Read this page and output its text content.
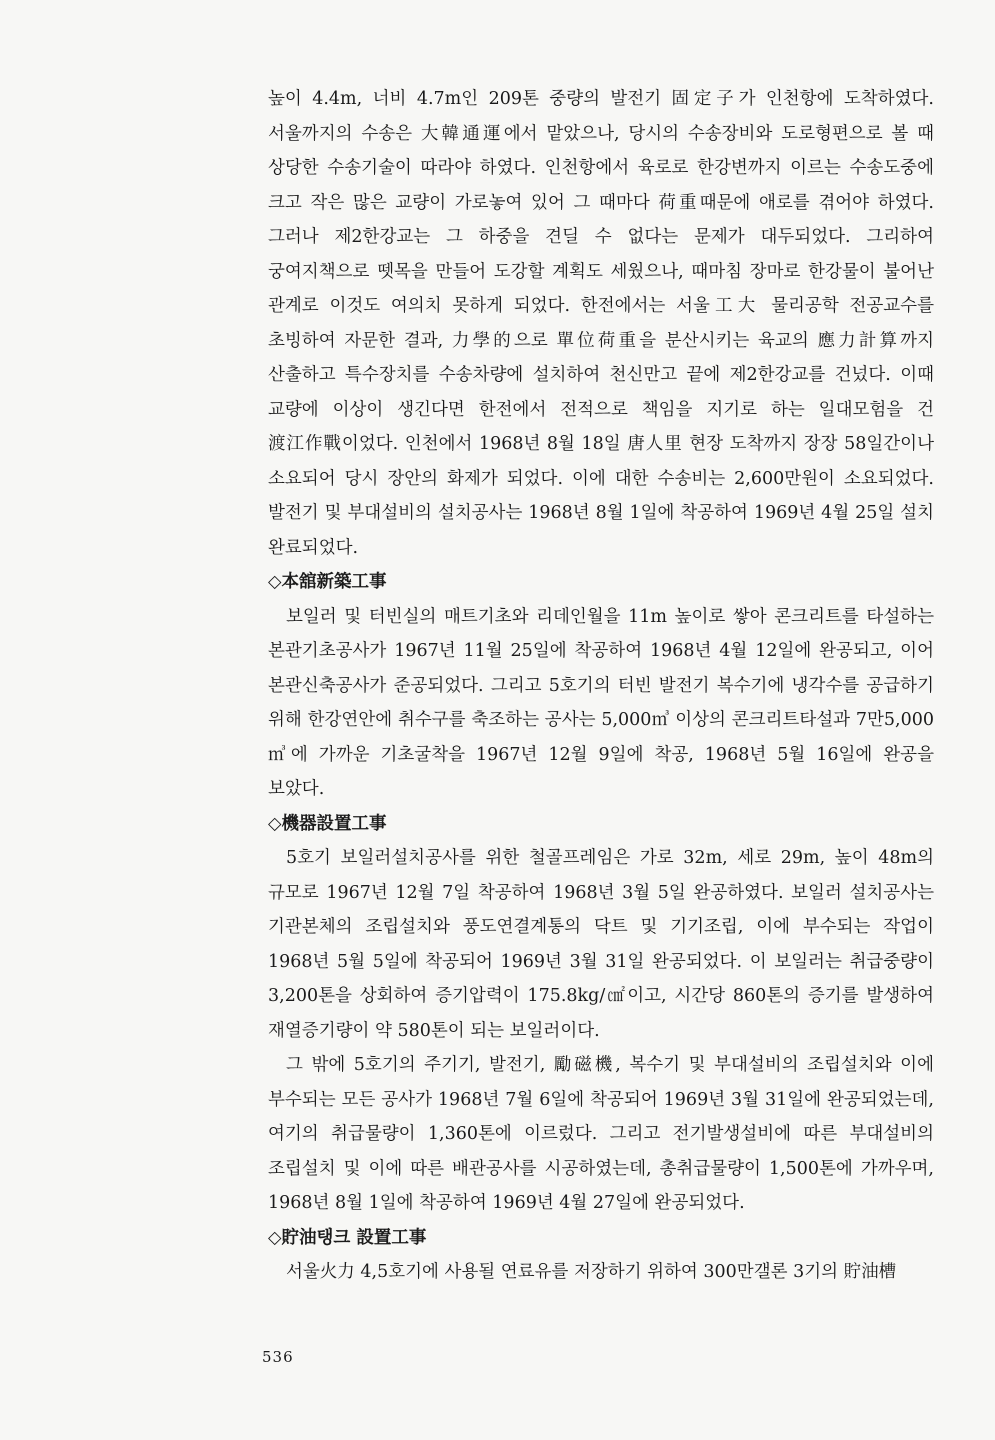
높이 4.4m, 너비 4.7m인 209톤 중량의 발전기 固定子가 인천항에 도착하였다. 서울까지의 수송은 大韓通運에서 맡았으나, 당시의 수송장비와 도로형편으로 볼 때 상당한 수송기술이 따라야 하였다. 인천항에서 육로로 한강변까지 이르는 수송도중에 크고 작은 많은 교량이 가로놓여 있어 그 때마다 荷重때문에 애로를 겪어야 하였다. 그러나 제2한강교는 그 하중을 견딜 수 없다는 문제가 대두되었다. 그리하여 궁여지책으로 뗏목을 만들어 도강할 계획도 세웠으나, 때마침 장마로 한강물이 불어난 관계로 이것도 여의치 못하게 되었다. 한전에서는 서울工大 물리공학 전공교수를 초빙하여 자문한 결과, 力學的으로 單位荷重을 분산시키는 육교의 應力計算까지 산출하고 특수장치를 수송차량에 설치하여 천신만고 끝에 제2한강교를 건넜다. 이때 교량에 이상이 생긴다면 한전에서 전적으로 책임을 지기로 하는 일대모험을 건 渡江作戰이었다. 인천에서 1968년 8월 18일 唐人里 현장 도착까지 장장 58일간이나 소요되어 당시 장안의 화제가 되었다. 이에 대한 수송비는 2,600만원이 소요되었다. 발전기 및 부대설비의 설치공사는 1968년 8월 1일에 착공하여 1969년 4월 25일 설치 완료되었다.

◇本舘新築工事

보일러 및 터빈실의 매트기초와 리데인월을 11m 높이로 쌓아 콘크리트를 타설하는 본관기초공사가 1967년 11월 25일에 착공하여 1968년 4월 12일에 완공되고, 이어 본관신축공사가 준공되었다. 그리고 5호기의 터빈 발전기 복수기에 냉각수를 공급하기 위해 한강연안에 취수구를 축조하는 공사는 5,000㎥ 이상의 콘크리트타설과 7만5,000㎥에 가까운 기초굴착을 1967년 12월 9일에 착공, 1968년 5월 16일에 완공을 보았다.

◇機器設置工事

5호기 보일러설치공사를 위한 철골프레임은 가로 32m, 세로 29m, 높이 48m의 규모로 1967년 12월 7일 착공하여 1968년 3월 5일 완공하였다. 보일러 설치공사는 기관본체의 조립설치와 풍도연결계통의 닥트 및 기기조립, 이에 부수되는 작업이 1968년 5월 5일에 착공되어 1969년 3월 31일 완공되었다. 이 보일러는 취급중량이 3,200톤을 상회하여 증기압력이 175.8kg/㎠이고, 시간당 860톤의 증기를 발생하여 재열증기량이 약 580톤이 되는 보일러이다.

그 밖에 5호기의 주기기, 발전기, 勵磁機, 복수기 및 부대설비의 조립설치와 이에 부수되는 모든 공사가 1968년 7월 6일에 착공되어 1969년 3월 31일에 완공되었는데, 여기의 취급물량이 1,360톤에 이르렀다. 그리고 전기발생설비에 따른 부대설비의 조립설치 및 이에 따른 배관공사를 시공하였는데, 총취급물량이 1,500톤에 가까우며, 1968년 8월 1일에 착공하여 1969년 4월 27일에 완공되었다.

◇貯油탱크 設置工事

서울火力 4,5호기에 사용될 연료유를 저장하기 위하여 300만갤론 3기의 貯油槽

536
